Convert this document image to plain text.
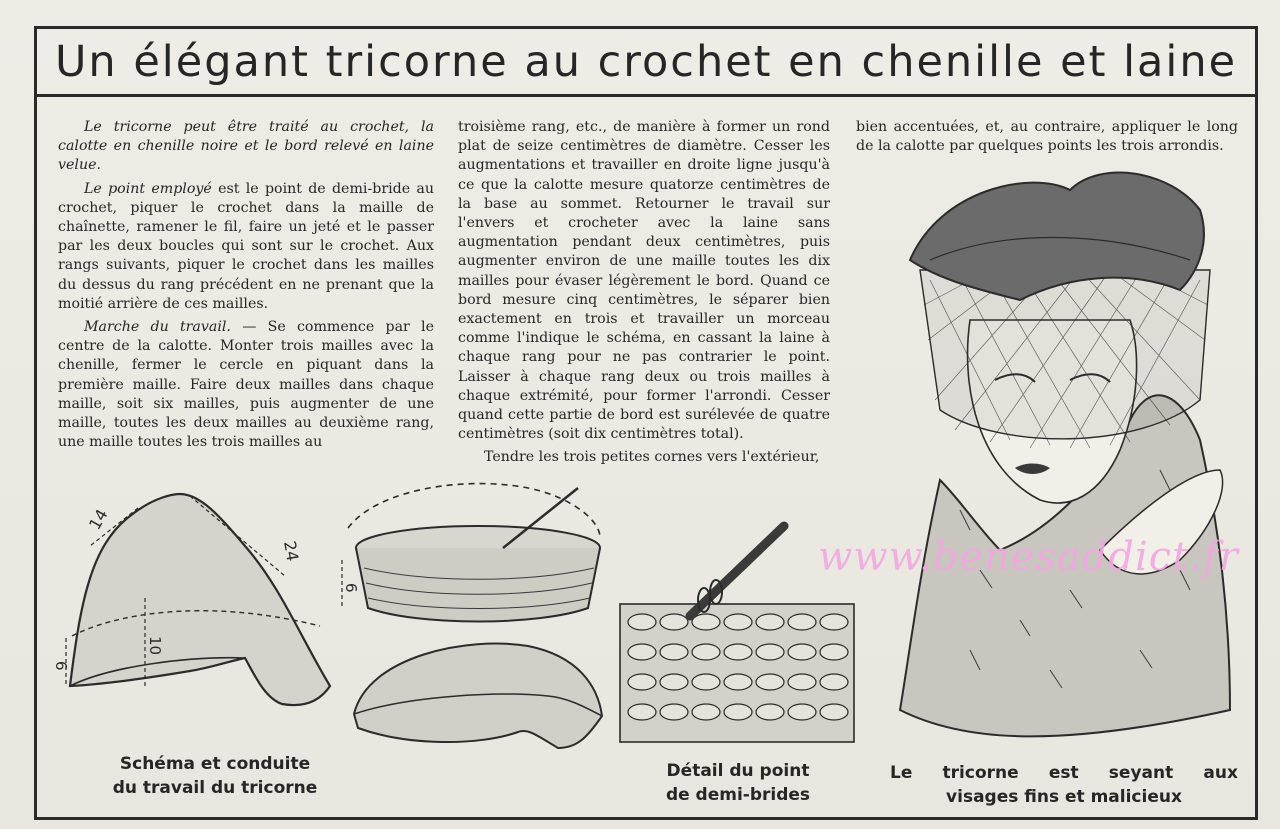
Un élégant tricorne au crochet en chenille et laine

Le tricorne peut être traité au crochet, la calotte en chenille noire et le bord relevé en laine velue.

Le point employé est le point de demi-bride au crochet, piquer le crochet dans la maille de chaînette, ramener le fil, faire un jeté et le passer par les deux boucles qui sont sur le crochet. Aux rangs suivants, piquer le crochet dans les mailles du dessus du rang précédent en ne prenant que la moitié arrière de ces mailles.

Marche du travail. — Se commence par le centre de la calotte. Monter trois mailles avec la chenille, fermer le cercle en piquant dans la première maille. Faire deux mailles dans chaque maille, soit six mailles, puis augmenter de une maille, toutes les deux mailles au deuxième rang, une maille toutes les trois mailles au

troisième rang, etc., de manière à former un rond plat de seize centimètres de diamètre. Cesser les augmentations et travailler en droite ligne jusqu'à ce que la calotte mesure quatorze centimètres de la base au sommet. Retourner le travail sur l'envers et crocheter avec la laine sans augmentation pendant deux centimètres, puis augmenter environ de une maille toutes les dix mailles pour évaser légèrement le bord. Quand ce bord mesure cinq centimètres, le séparer bien exactement en trois et travailler un morceau comme l'indique le schéma, en cassant la laine à chaque rang pour ne pas contrarier le point. Laisser à chaque rang deux ou trois mailles à chaque extrémité, pour former l'arrondi. Cesser quand cette partie de bord est surélevée de quatre centimètres (soit dix centimètres total).

Tendre les trois petites cornes vers l'extérieur,

bien accentuées, et, au contraire, appliquer le long de la calotte par quelques points les trois arrondis.

14
24
10
6
6
www.benesaddict.fr
Schéma et conduite
du travail du tricorne
Détail du point
de demi-brides
Le tricorne est seyant aux
visages fins et malicieux
